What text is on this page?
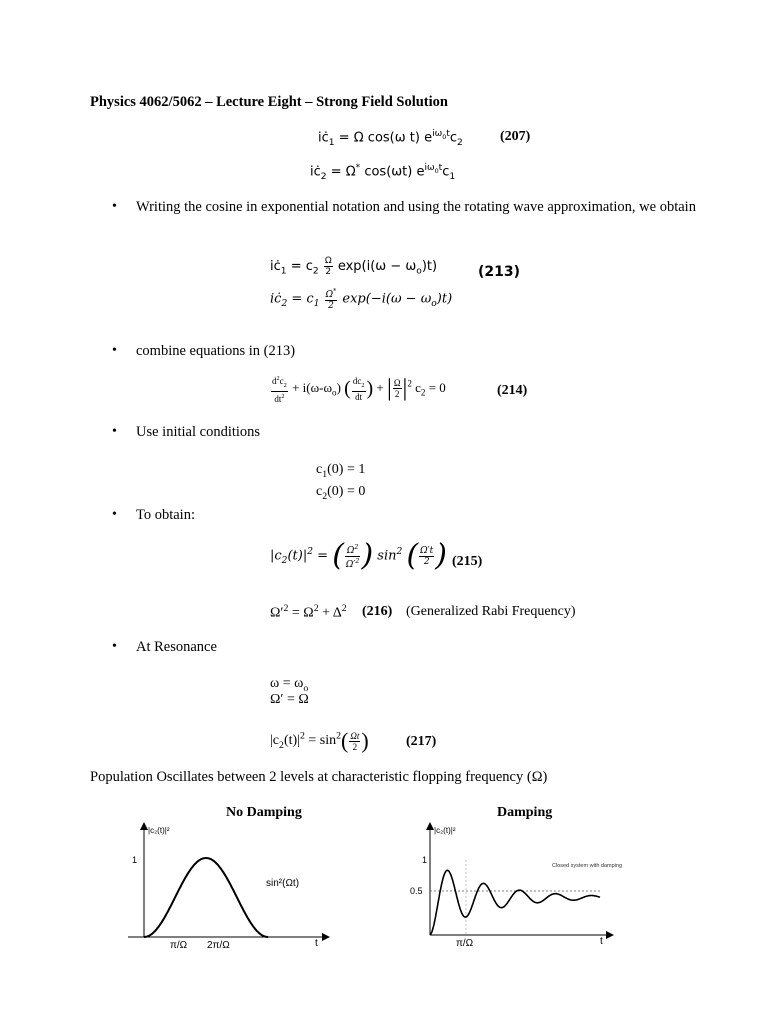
Physics 4062/5062 – Lecture Eight – Strong Field Solution
$iċ_1 = \Omega$ cos(ω t) $e^{i\omega_0t}c_2$	(207)
$iċ_2 = \Omega^*$ cos(ωt) $e^{i\omega_0t}c_1$
• Writing the cosine in exponential notation and using the rotating wave approximation, we obtain
$iċ_1 = c_2 \frac{\Omega}{2} \exp(i(\omega - \omega_o)t)$	(213)
$iċ_2 = c_1 \frac{\Omega^*}{2} \exp(-i(\omega - \omega_o)t)$
• combine equations in (213)
$\frac{d^2c_2}{dt^2} + i(\omega-\omega_o)$ ( $\frac{dc_2}{dt}$ ) + | $\frac{\Omega}{2} |^2$ $c_2 = 0$	(214)
• Use initial conditions
$c_1(0) = 1$
$c_2(0) = 0$
• To obtain:
$|c_2(t)|^2$ = ( $\frac{\Omega^2}{\Omega'^2}$ ) $\sin^2$ ( $\frac{\Omega't}{2}$ ) (215)
$\Omega'^2 = \Omega^2 + \Delta^2$ (216) (Generalized Rabi Frequency)
• At Resonance
$\omega = \omega_o$
Ω′ = Ω
$|c_2(t)|^2 = \sin^2( \frac{\Omega t}{2}$ )	(217)
Population Oscillates between 2 levels at characteristic flopping frequency (Ω)
No Damping	Damping
|c₂(t)|²
1
sin²(Ωt)
π/Ω 2π/Ω	t
|c₂(t)|²
1
0.5
Closed system with damping
π/Ω	t
